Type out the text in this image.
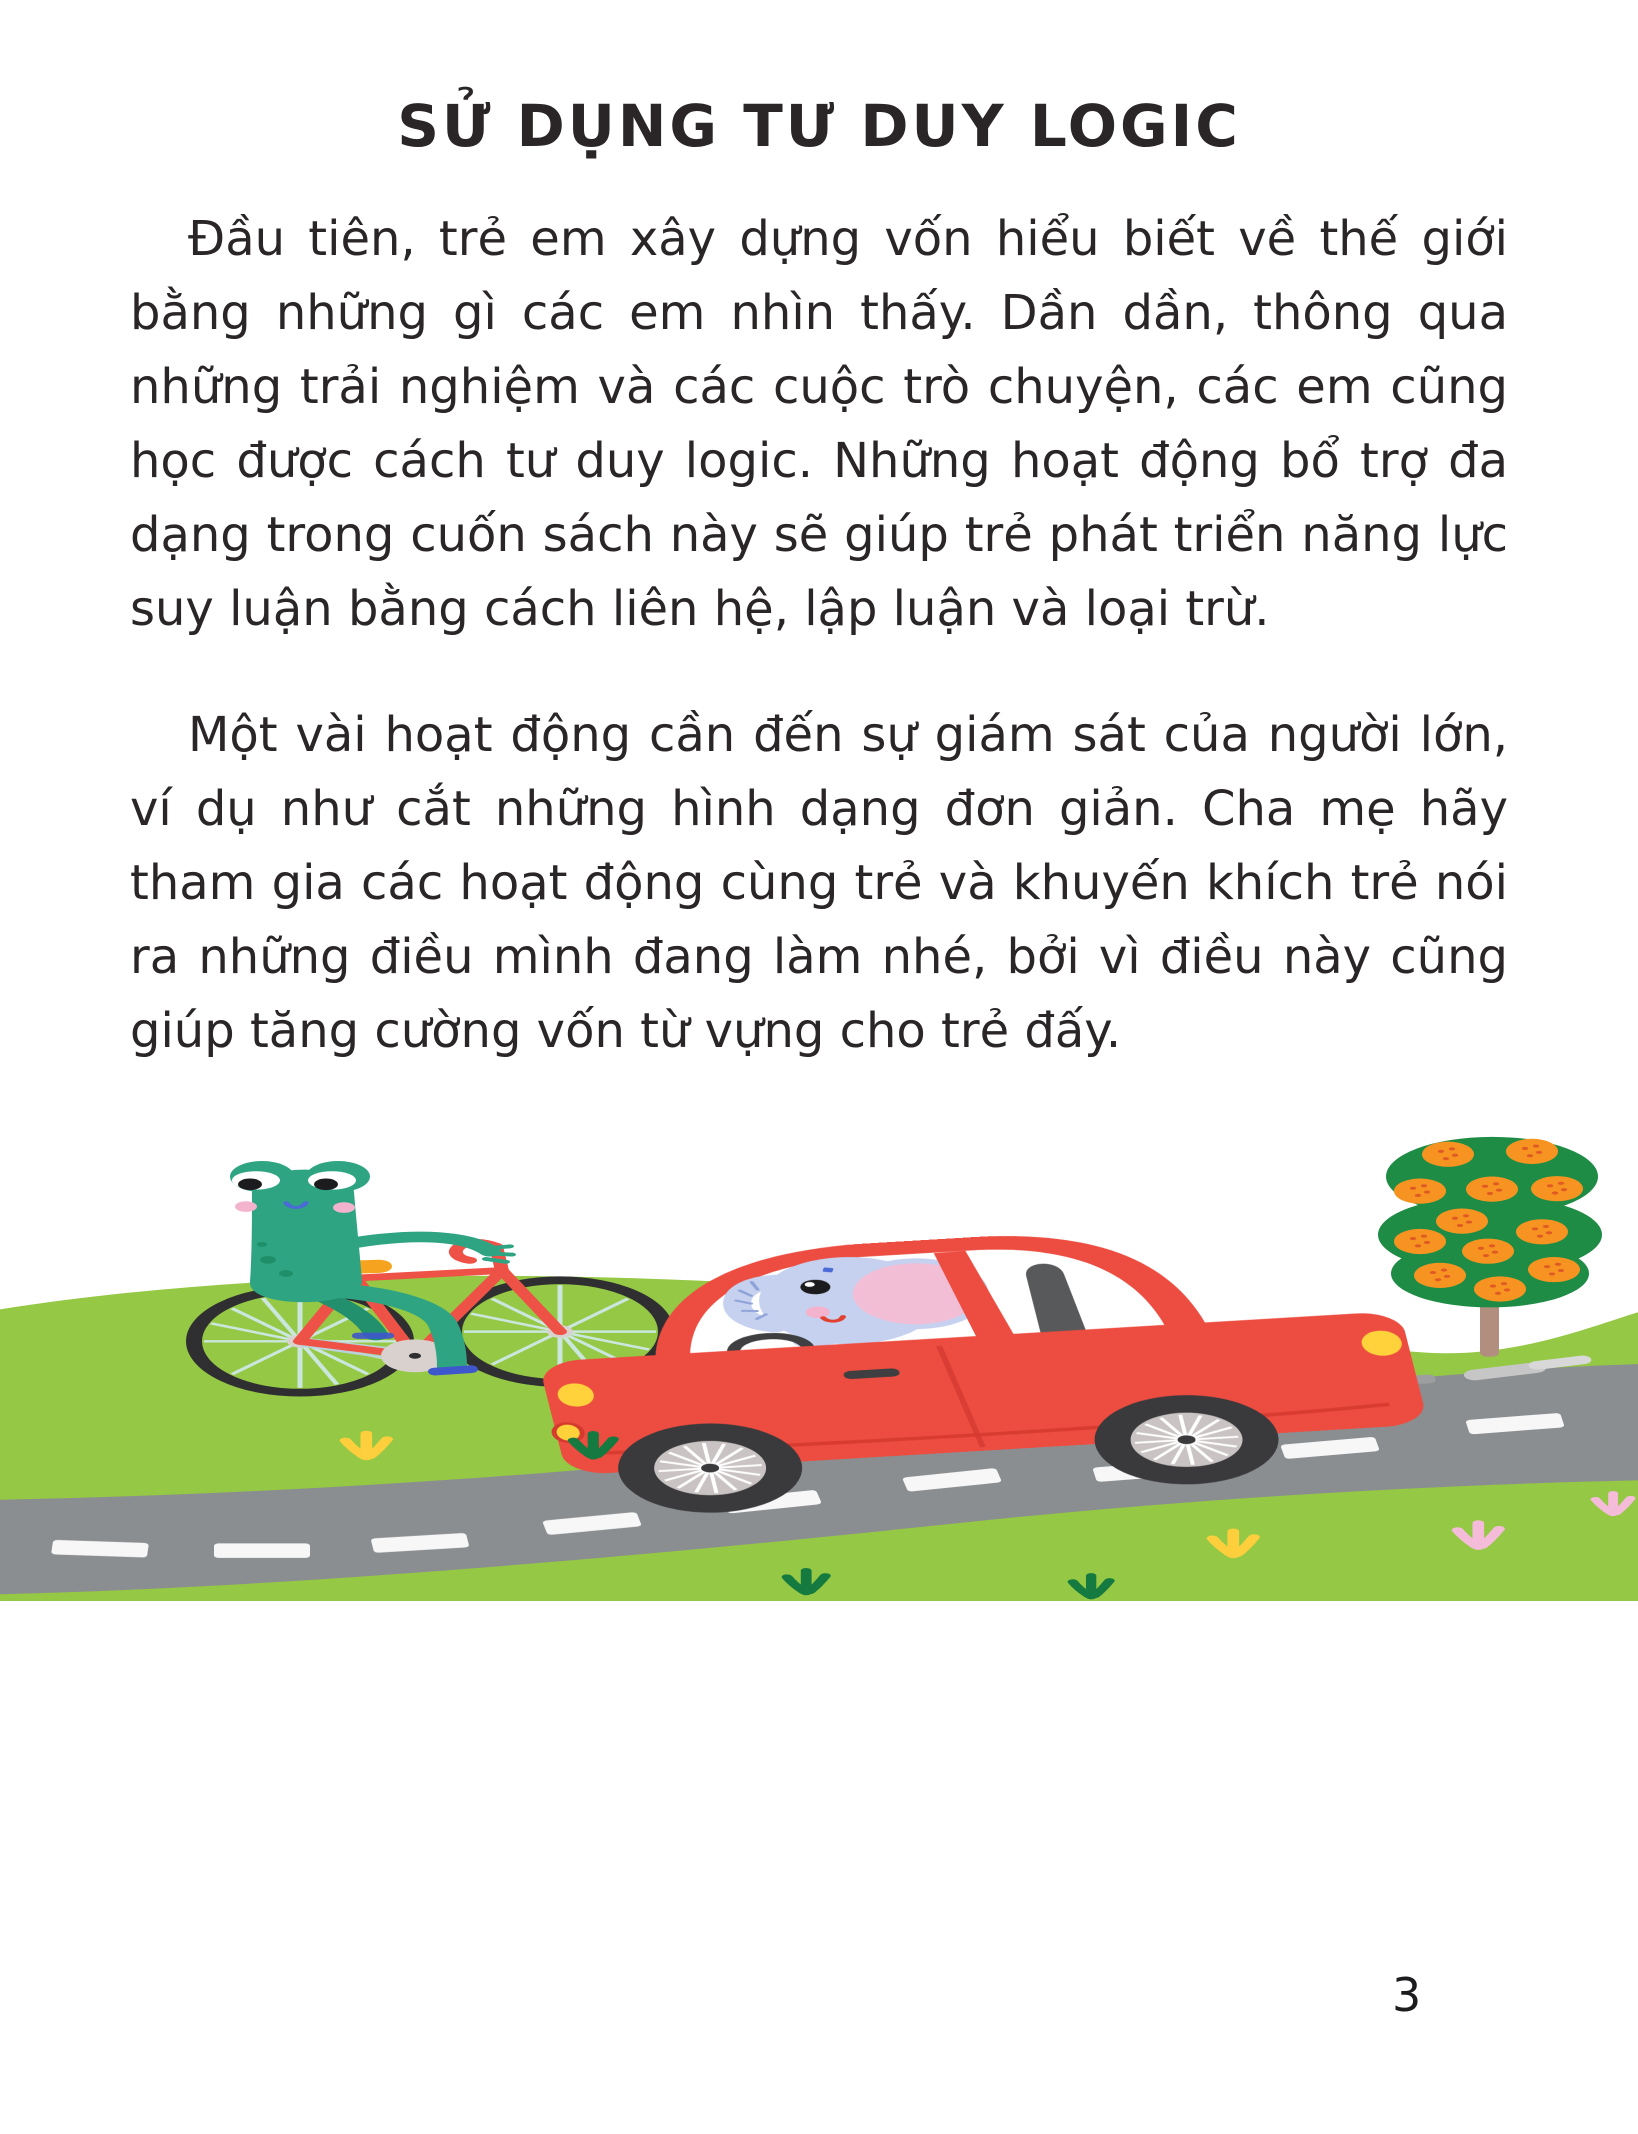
SỬ DỤNG TƯ DUY LOGIC

Đầu tiên, trẻ em xây dựng vốn hiểu biết về thế giới bằng những gì các em nhìn thấy. Dần dần, thông qua những trải nghiệm và các cuộc trò chuyện, các em cũng học được cách tư duy logic. Những hoạt động bổ trợ đa dạng trong cuốn sách này sẽ giúp trẻ phát triển năng lực suy luận bằng cách liên hệ, lập luận và loại trừ.

Một vài hoạt động cần đến sự giám sát của người lớn, ví dụ như cắt những hình dạng đơn giản. Cha mẹ hãy tham gia các hoạt động cùng trẻ và khuyến khích trẻ nói ra những điều mình đang làm nhé, bởi vì điều này cũng giúp tăng cường vốn từ vựng cho trẻ đấy.

3
